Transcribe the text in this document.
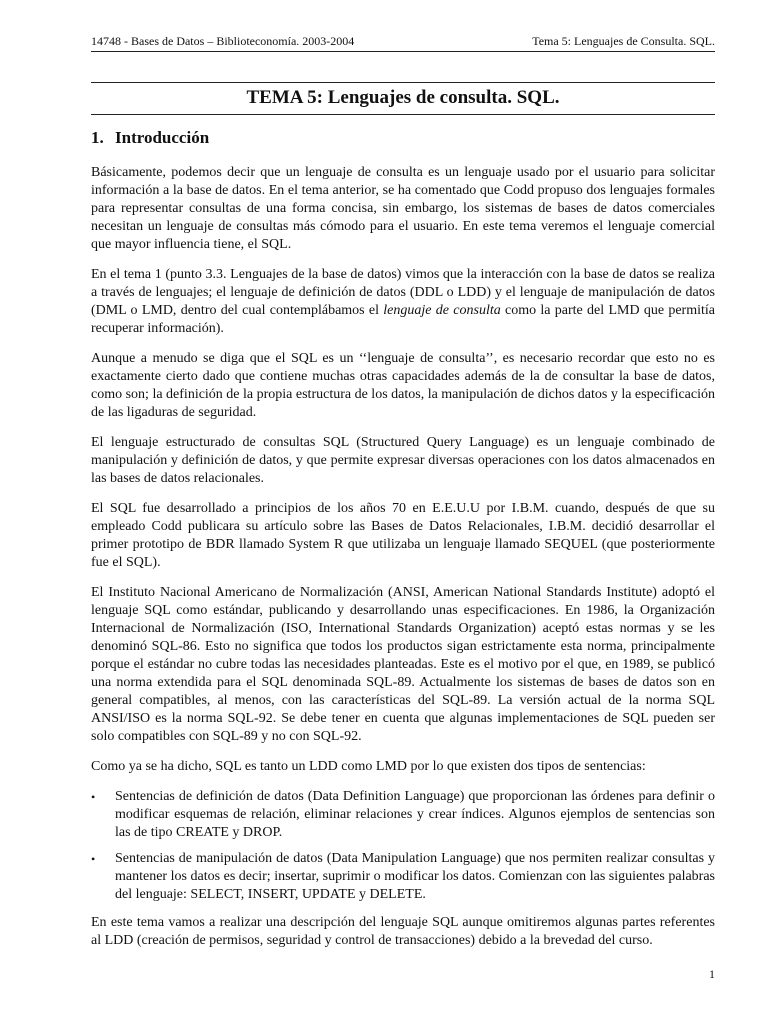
14748 - Bases de Datos – Biblioteconomía. 2003-2004	Tema 5: Lenguajes de Consulta. SQL.
TEMA 5: Lenguajes de consulta. SQL.
1. Introducción

Básicamente, podemos decir que un lenguaje de consulta es un lenguaje usado por el usuario para solicitar información a la base de datos. En el tema anterior, se ha comentado que Codd propuso dos lenguajes formales para representar consultas de una forma concisa, sin embargo, los sistemas de bases de datos comerciales necesitan un lenguaje de consultas más cómodo para el usuario. En este tema veremos el lenguaje comercial que mayor influencia tiene, el SQL.

En el tema 1 (punto 3.3. Lenguajes de la base de datos) vimos que la interacción con la base de datos se realiza a través de lenguajes; el lenguaje de definición de datos (DDL o LDD) y el lenguaje de manipulación de datos (DML o LMD, dentro del cual contemplábamos el lenguaje de consulta como la parte del LMD que permitía recuperar información).

Aunque a menudo se diga que el SQL es un ‘‘lenguaje de consulta’’, es necesario recordar que esto no es exactamente cierto dado que contiene muchas otras capacidades además de la de consultar la base de datos, como son; la definición de la propia estructura de los datos, la manipulación de dichos datos y la especificación de las ligaduras de seguridad.

El lenguaje estructurado de consultas SQL (Structured Query Language) es un lenguaje combinado de manipulación y definición de datos, y que permite expresar diversas operaciones con los datos almacenados en las bases de datos relacionales.

El SQL fue desarrollado a principios de los años 70 en E.E.U.U por I.B.M. cuando, después de que su empleado Codd publicara su artículo sobre las Bases de Datos Relacionales, I.B.M. decidió desarrollar el primer prototipo de BDR llamado System R que utilizaba un lenguaje llamado SEQUEL (que posteriormente fue el SQL).

El Instituto Nacional Americano de Normalización (ANSI, American National Standards Institute) adoptó el lenguaje SQL como estándar, publicando y desarrollando unas especificaciones. En 1986, la Organización Internacional de Normalización (ISO, International Standards Organization) aceptó estas normas y se les denominó SQL-86. Esto no significa que todos los productos sigan estrictamente esta norma, principalmente porque el estándar no cubre todas las necesidades planteadas. Este es el motivo por el que, en 1989, se publicó una norma extendida para el SQL denominada SQL-89. Actualmente los sistemas de bases de datos son en general compatibles, al menos, con las características del SQL-89. La versión actual de la norma SQL ANSI/ISO es la norma SQL-92. Se debe tener en cuenta que algunas implementaciones de SQL pueden ser solo compatibles con SQL-89 y no con SQL-92.

Como ya se ha dicho, SQL es tanto un LDD como LMD por lo que existen dos tipos de sentencias:

• Sentencias de definición de datos (Data Definition Language) que proporcionan las órdenes para definir o modificar esquemas de relación, eliminar relaciones y crear índices. Algunos ejemplos de sentencias son las de tipo CREATE y DROP.
• Sentencias de manipulación de datos (Data Manipulation Language) que nos permiten realizar consultas y mantener los datos es decir; insertar, suprimir o modificar los datos. Comienzan con las siguientes palabras del lenguaje: SELECT, INSERT, UPDATE y DELETE.

En este tema vamos a realizar una descripción del lenguaje SQL aunque omitiremos algunas partes referentes al LDD (creación de permisos, seguridad y control de transacciones) debido a la brevedad del curso.

1
